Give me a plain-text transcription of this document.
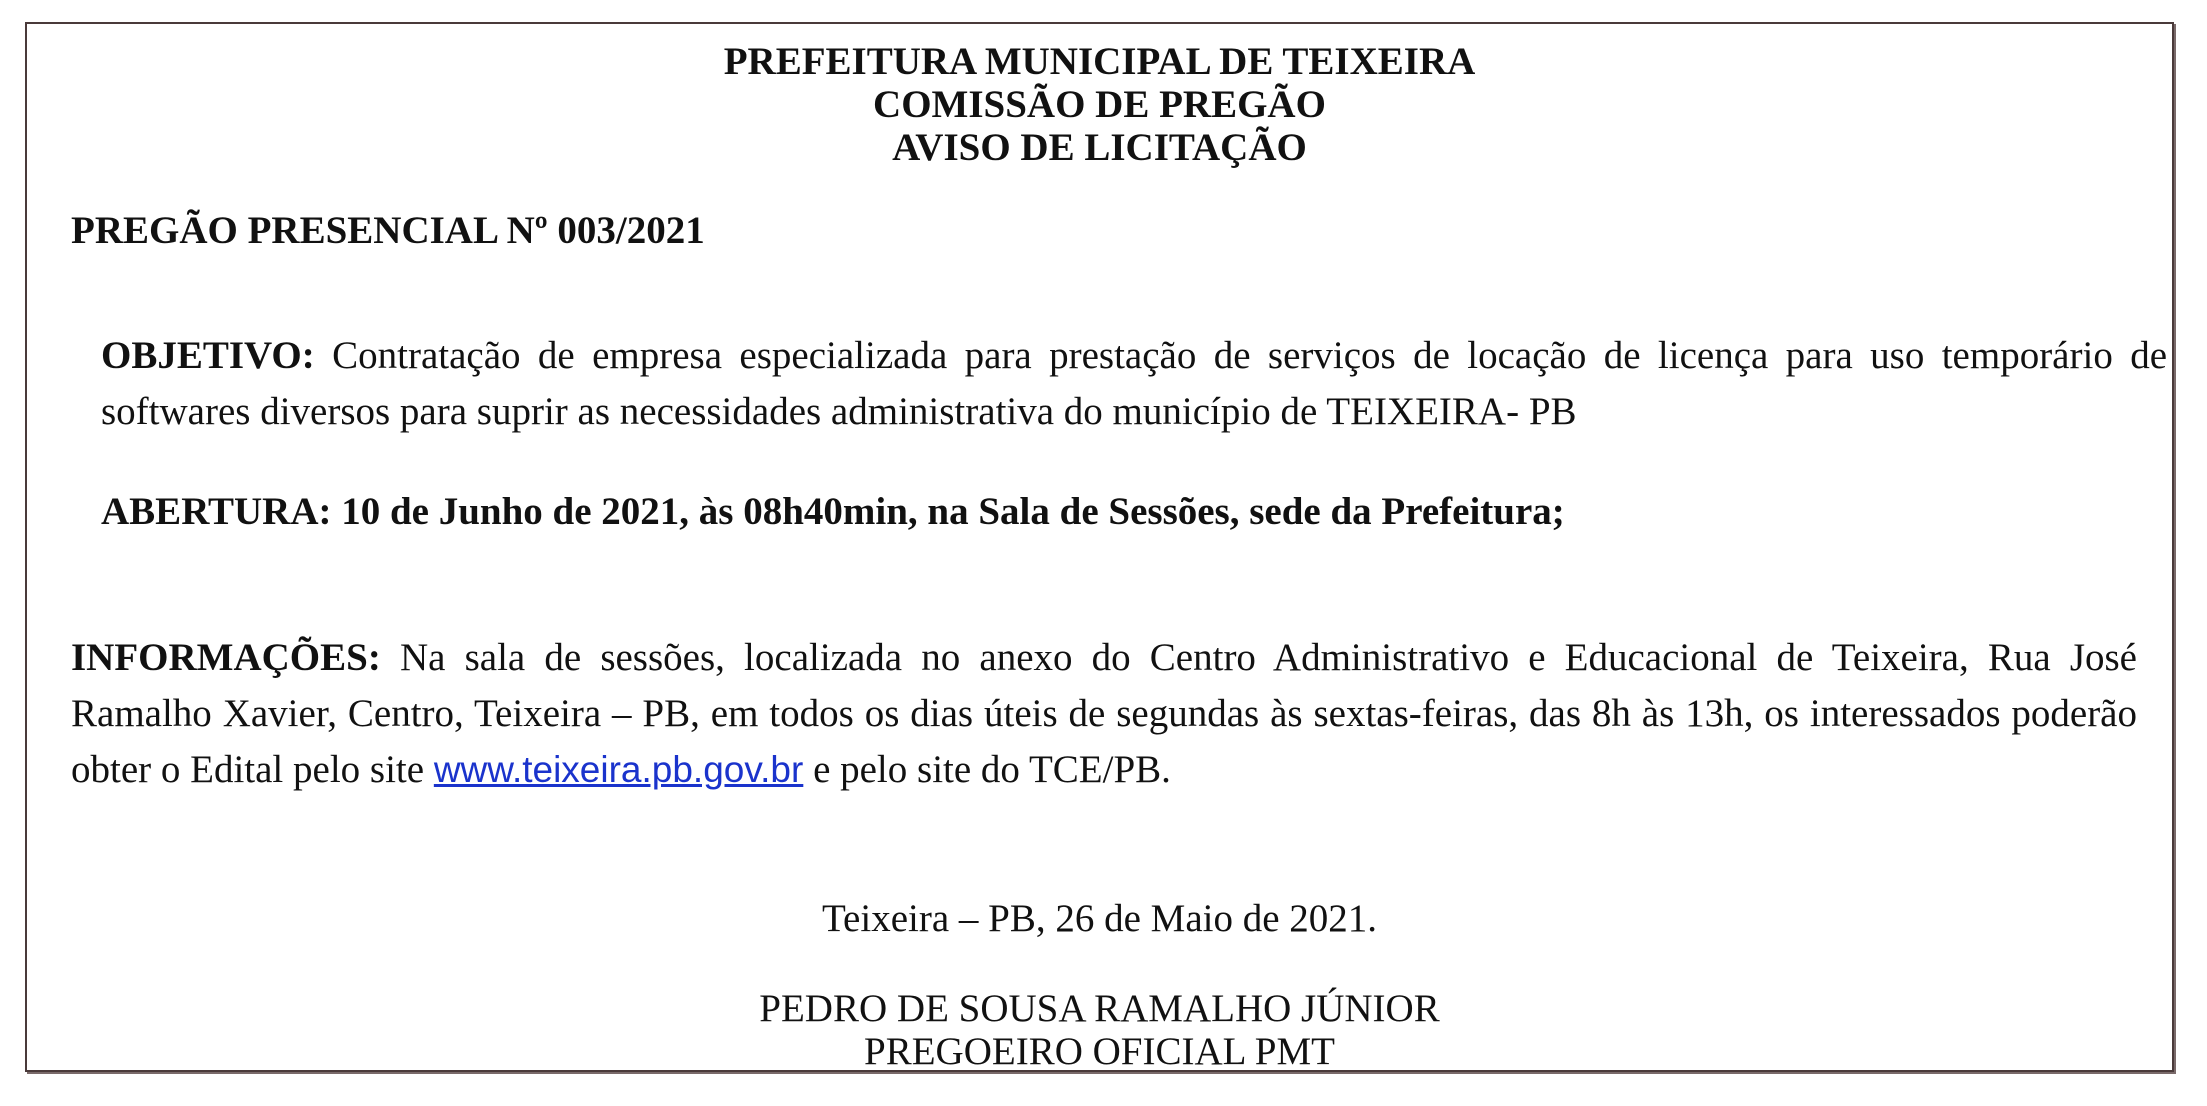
PREFEITURA MUNICIPAL DE TEIXEIRA
COMISSÃO DE PREGÃO
AVISO DE LICITAÇÃO
PREGÃO PRESENCIAL Nº 003/2021
OBJETIVO: Contratação de empresa especializada para prestação de serviços de locação de licença para uso temporário de softwares diversos para suprir as necessidades administrativa do município de TEIXEIRA- PB
ABERTURA: 10 de Junho de 2021, às 08h40min, na Sala de Sessões, sede da Prefeitura;
INFORMAÇÕES: Na sala de sessões, localizada no anexo do Centro Administrativo e Educacional de Teixeira, Rua José Ramalho Xavier, Centro, Teixeira – PB, em todos os dias úteis de segundas às sextas-feiras, das 8h às 13h, os interessados poderão obter o Edital pelo site www.teixeira.pb.gov.br e pelo site do TCE/PB.
Teixeira – PB, 26 de Maio de 2021.
PEDRO DE SOUSA RAMALHO JÚNIOR
PREGOEIRO OFICIAL PMT
